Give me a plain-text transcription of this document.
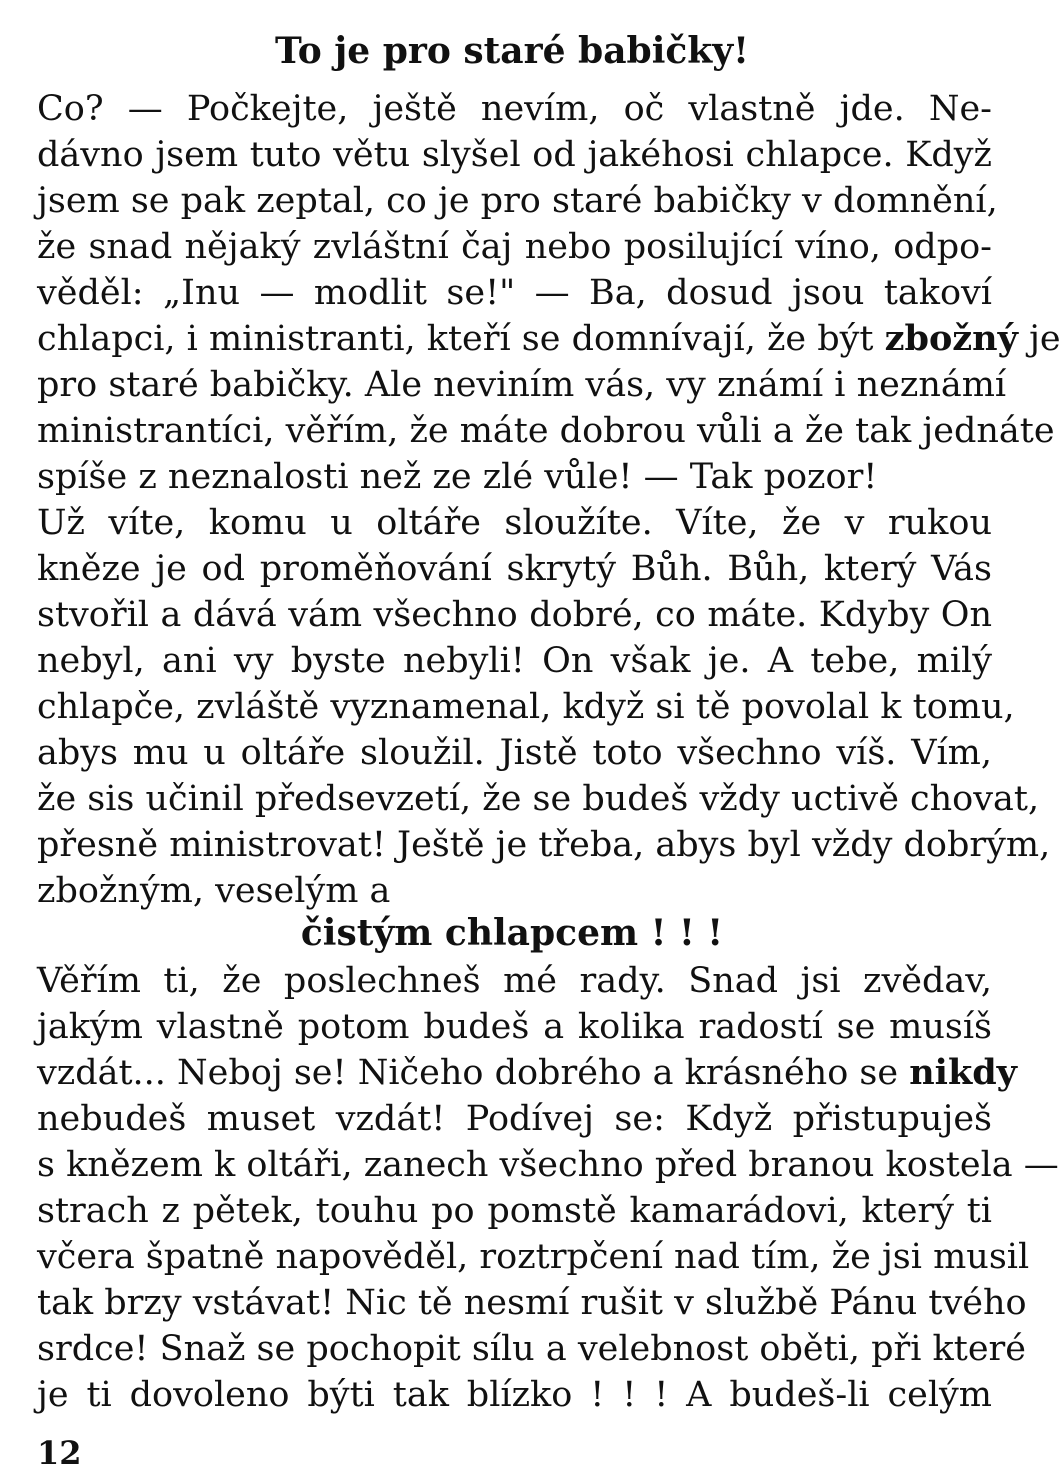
To je pro staré babičky!
Co? — Počkejte, ještě nevím, oč vlastně jde. Ne-
dávno jsem tuto větu slyšel od jakéhosi chlapce. Když
jsem se pak zeptal, co je pro staré babičky v domnění,
že snad nějaký zvláštní čaj nebo posilující víno, odpo-
věděl: „Inu — modlit se!" — Ba, dosud jsou takoví
chlapci, i ministranti, kteří se domnívají, že být zbožný je
pro staré babičky. Ale neviním vás, vy známí i neznámí
ministrantíci, věřím, že máte dobrou vůli a že tak jednáte
spíše z neznalosti než ze zlé vůle! — Tak pozor!
Už víte, komu u oltáře sloužíte. Víte, že v rukou
kněze je od proměňování skrytý Bůh. Bůh, který Vás
stvořil a dává vám všechno dobré, co máte. Kdyby On
nebyl, ani vy byste nebyli! On však je. A tebe, milý
chlapče, zvláště vyznamenal, když si tě povolal k tomu,
abys mu u oltáře sloužil. Jistě toto všechno víš. Vím,
že sis učinil předsevzetí, že se budeš vždy uctivě chovat,
přesně ministrovat! Ještě je třeba, abys byl vždy dobrým,
zbožným, veselým a
čistým chlapcem ! ! !
Věřím ti, že poslechneš mé rady. Snad jsi zvědav,
jakým vlastně potom budeš a kolika radostí se musíš
vzdát... Neboj se! Ničeho dobrého a krásného se nikdy
nebudeš muset vzdát! Podívej se: Když přistupuješ
s knězem k oltáři, zanech všechno před branou kostela —
strach z pětek, touhu po pomstě kamarádovi, který ti
včera špatně napověděl, roztrpčení nad tím, že jsi musil
tak brzy vstávat! Nic tě nesmí rušit v službě Pánu tvého
srdce! Snaž se pochopit sílu a velebnost oběti, při které
je ti dovoleno býti tak blízko ! ! ! A budeš-li celým
12
